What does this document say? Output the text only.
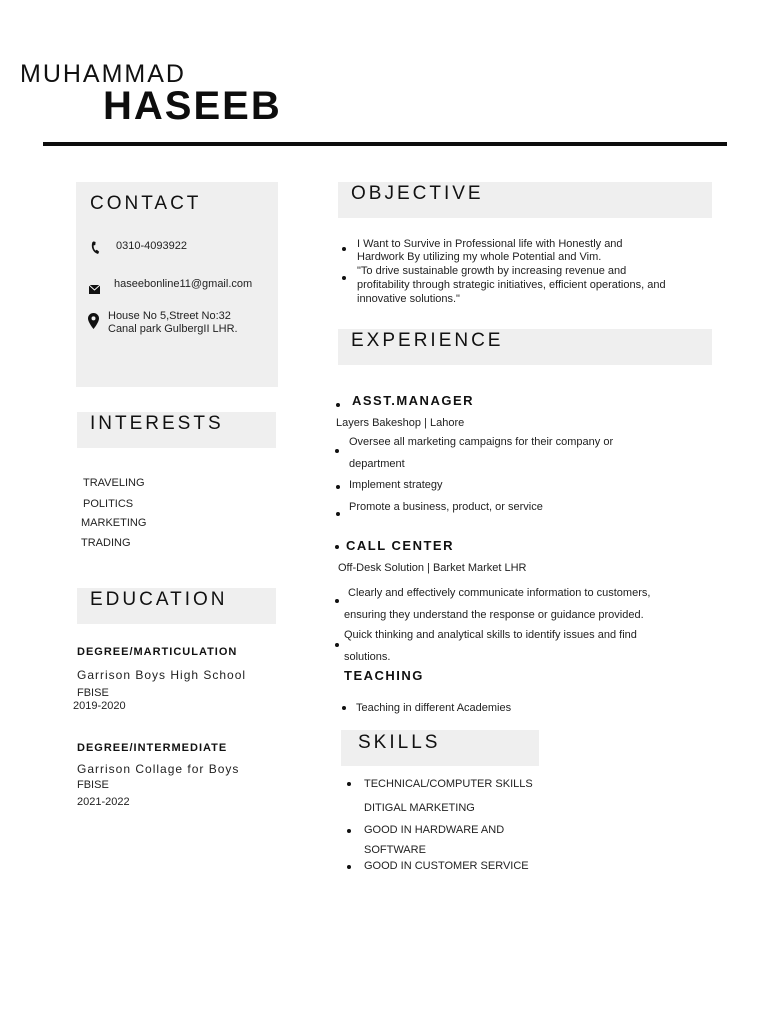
MUHAMMAD
HASEEB
CONTACT
0310-4093922
haseebonline11@gmail.com
House No 5,Street No:32
Canal park GulbergII LHR.
INTERESTS
TRAVELING
POLITICS
MARKETING
TRADING
EDUCATION
DEGREE/MARTICULATION
Garrison Boys High School
FBISE
2019-2020
DEGREE/INTERMEDIATE
Garrison Collage for Boys
FBISE
2021-2022
OBJECTIVE
I Want to Survive in Professional life with Honestly and
Hardwork By utilizing my whole Potential and Vim.
"To drive sustainable growth by increasing revenue and
profitability through strategic initiatives, efficient operations, and
innovative solutions."
EXPERIENCE
ASST.MANAGER
Layers Bakeshop | Lahore
Oversee all marketing campaigns for their company or
department
Implement strategy
Promote a business, product, or service
CALL CENTER
Off-Desk Solution | Barket Market LHR
Clearly and effectively communicate information to customers,
ensuring they understand the response or guidance provided.
Quick thinking and analytical skills to identify issues and find
solutions.
TEACHING
Teaching in different Academies
SKILLS
TECHNICAL/COMPUTER SKILLS
DITIGAL MARKETING
GOOD IN HARDWARE AND
SOFTWARE
GOOD IN CUSTOMER SERVICE
